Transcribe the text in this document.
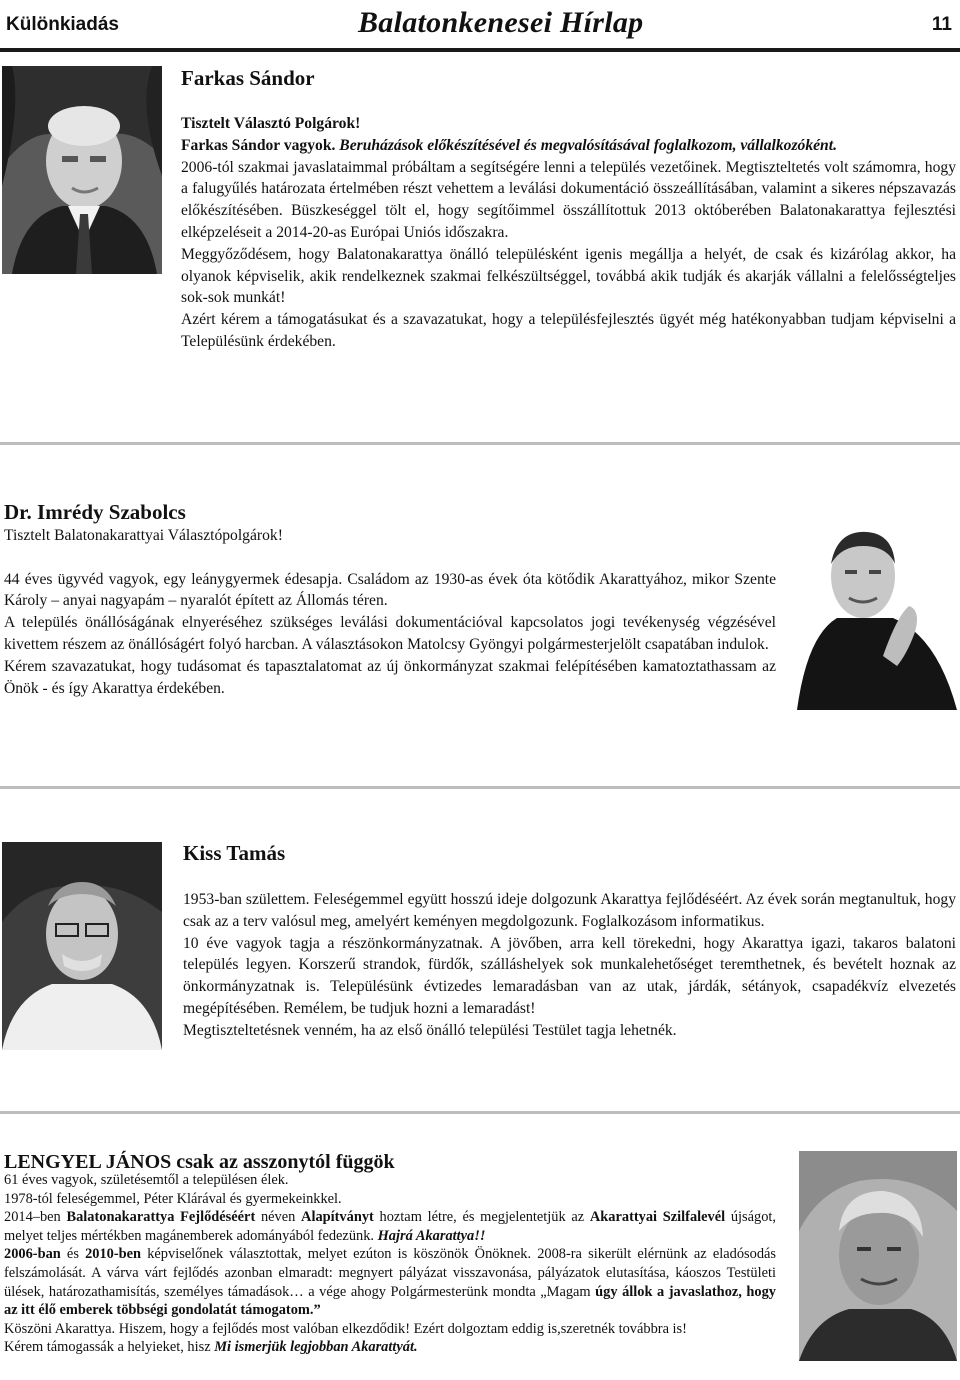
Különkiadás	Balatonkenesei Hírlap	11
Farkas Sándor

Tisztelt Választó Polgárok!

Farkas Sándor vagyok. Beruházások előkészítésével és megvalósításával foglalkozom, vállalkozóként.

2006-tól szakmai javaslataimmal próbáltam a segítségére lenni a település vezetőinek. Megtiszteltetés volt számomra, hogy a falugyűlés határozata értelmében részt vehettem a leválási dokumentáció összeállításában, valamint a sikeres népszavazás előkészítésében. Büszkeséggel tölt el, hogy segítőimmel összállítottuk 2013 októberében Balatonakarattya fejlesztési elképzeléseit a 2014-20-as Európai Uniós időszakra.

Meggyőződésem, hogy Balatonakarattya önálló településként igenis megállja a helyét, de csak és kizárólag akkor, ha olyanok képviselik, akik rendelkeznek szakmai felkészültséggel, továbbá akik tudják és akarják vállalni a felelősségteljes sok-sok munkát!

Azért kérem a támogatásukat és a szavazatukat, hogy a településfejlesztés ügyét még hatékonyabban tudjam képviselni a Településünk érdekében.

Dr. Imrédy Szabolcs

Tisztelt Balatonakarattyai Választópolgárok!

44 éves ügyvéd vagyok, egy leánygyermek édesapja. Családom az 1930-as évek óta kötődik Akarattyához, mikor Szente Károly – anyai nagyapám – nyaralót épített az Állomás téren.

A település önállóságának elnyeréséhez szükséges leválási dokumentációval kapcsolatos jogi tevékenység végzésével kivettem részem az önállóságért folyó harcban. A választásokon Matolcsy Gyöngyi polgármesterjelölt csapatában indulok.

Kérem szavazatukat, hogy tudásomat és tapasztalatomat az új önkormányzat szakmai felépítésében kamatoztathassam az Önök - és így Akarattya érdekében.

Kiss Tamás

1953-ban születtem. Feleségemmel együtt hosszú ideje dolgozunk Akarattya fejlődéséért. Az évek során megtanultuk, hogy csak az a terv valósul meg, amelyért keményen megdolgozunk. Foglalkozásom informatikus.

10 éve vagyok tagja a részönkormányzatnak. A jövőben, arra kell törekedni, hogy Akarattya igazi, takaros balatoni település legyen. Korszerű strandok, fürdők, szálláshelyek sok munkalehetőséget teremthetnek, és bevételt hoznak az önkormányzatnak is. Településünk évtizedes lemaradásban van az utak, járdák, sétányok, csapadékvíz elvezetés megépítésében. Remélem, be tudjuk hozni a lemaradást!

Megtiszteltetésnek venném, ha az első önálló települési Testület tagja lehetnék.

LENGYEL JÁNOS csak az asszonytól függök

61 éves vagyok, születésemtől a településen élek.

1978-tól feleségemmel, Péter Klárával és gyermekeinkkel.

2014–ben Balatonakarattya Fejlődéséért néven Alapítványt hoztam létre, és megjelentetjük az Akarattyai Szilfalevél újságot, melyet teljes mértékben magánemberek adományából fedezünk. Hajrá Akarattya!!

2006-ban és 2010-ben képviselőnek választottak, melyet ezúton is köszönök Önöknek. 2008-ra sikerült elérnünk az eladósodás felszámolását. A várva várt fejlődés azonban elmaradt: megnyert pályázat visszavonása, pályázatok elutasítása, káoszos Testületi ülések, határozathamisítás, személyes támadások… a vége ahogy Polgármesterünk mondta „Magam úgy állok a javaslathoz, hogy az itt élő emberek többségi gondolatát támogatom.”

Köszöni Akarattya. Hiszem, hogy a fejlődés most valóban elkezdődik! Ezért dolgoztam eddig is,szeretnék továbbra is!

Kérem támogassák a helyieket, hisz Mi ismerjük legjobban Akarattyát.
